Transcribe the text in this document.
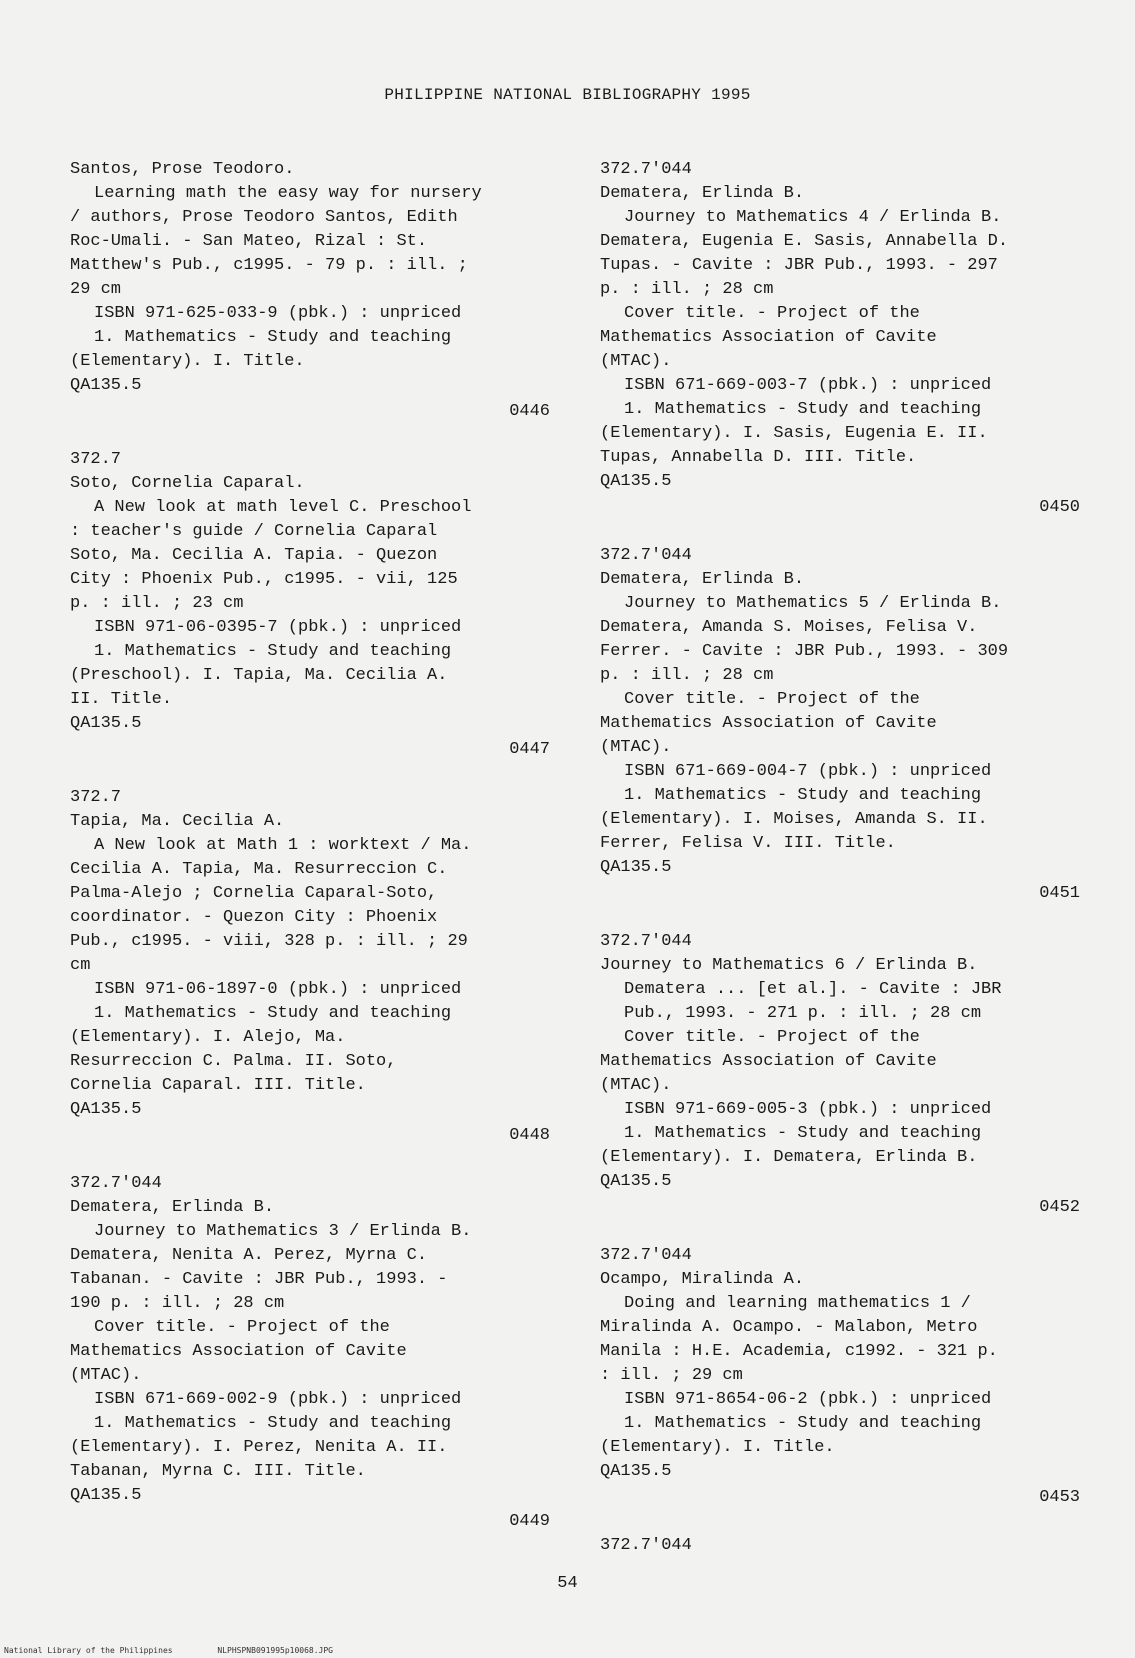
PHILIPPINE NATIONAL BIBLIOGRAPHY 1995
Santos, Prose Teodoro.
Learning math the easy way for nursery
/ authors, Prose Teodoro Santos, Edith
Roc-Umali. - San Mateo, Rizal : St.
Matthew's Pub., c1995. - 79 p. : ill. ;
29 cm
ISBN 971-625-033-9 (pbk.) : unpriced
1. Mathematics - Study and teaching
(Elementary). I. Title.
QA135.5
0446
372.7
Soto, Cornelia Caparal.
A New look at math level C. Preschool
: teacher's guide / Cornelia Caparal
Soto, Ma. Cecilia A. Tapia. - Quezon
City : Phoenix Pub., c1995. - vii, 125
p. : ill. ; 23 cm
ISBN 971-06-0395-7 (pbk.) : unpriced
1. Mathematics - Study and teaching
(Preschool). I. Tapia, Ma. Cecilia A.
II. Title.
QA135.5
0447
372.7
Tapia, Ma. Cecilia A.
A New look at Math 1 : worktext / Ma.
Cecilia A. Tapia, Ma. Resurreccion C.
Palma-Alejo ; Cornelia Caparal-Soto,
coordinator. - Quezon City : Phoenix
Pub., c1995. - viii, 328 p. : ill. ; 29
cm
ISBN 971-06-1897-0 (pbk.) : unpriced
1. Mathematics - Study and teaching
(Elementary). I. Alejo, Ma.
Resurreccion C. Palma. II. Soto,
Cornelia Caparal. III. Title.
QA135.5
0448
372.7'044
Dematera, Erlinda B.
Journey to Mathematics 3 / Erlinda B.
Dematera, Nenita A. Perez, Myrna C.
Tabanan. - Cavite : JBR Pub., 1993. -
190 p. : ill. ; 28 cm
Cover title. - Project of the
Mathematics Association of Cavite
(MTAC).
ISBN 671-669-002-9 (pbk.) : unpriced
1. Mathematics - Study and teaching
(Elementary). I. Perez, Nenita A. II.
Tabanan, Myrna C. III. Title.
QA135.5
0449
372.7'044
Dematera, Erlinda B.
Journey to Mathematics 4 / Erlinda B.
Dematera, Eugenia E. Sasis, Annabella D.
Tupas. - Cavite : JBR Pub., 1993. - 297
p. : ill. ; 28 cm
Cover title. - Project of the
Mathematics Association of Cavite
(MTAC).
ISBN 671-669-003-7 (pbk.) : unpriced
1. Mathematics - Study and teaching
(Elementary). I. Sasis, Eugenia E. II.
Tupas, Annabella D. III. Title.
QA135.5
0450
372.7'044
Dematera, Erlinda B.
Journey to Mathematics 5 / Erlinda B.
Dematera, Amanda S. Moises, Felisa V.
Ferrer. - Cavite : JBR Pub., 1993. - 309
p. : ill. ; 28 cm
Cover title. - Project of the
Mathematics Association of Cavite
(MTAC).
ISBN 671-669-004-7 (pbk.) : unpriced
1. Mathematics - Study and teaching
(Elementary). I. Moises, Amanda S. II.
Ferrer, Felisa V. III. Title.
QA135.5
0451
372.7'044
Journey to Mathematics 6 / Erlinda B.
Dematera ... [et al.]. - Cavite : JBR
Pub., 1993. - 271 p. : ill. ; 28 cm
Cover title. - Project of the
Mathematics Association of Cavite
(MTAC).
ISBN 971-669-005-3 (pbk.) : unpriced
1. Mathematics - Study and teaching
(Elementary). I. Dematera, Erlinda B.
QA135.5
0452
372.7'044
Ocampo, Miralinda A.
Doing and learning mathematics 1 /
Miralinda A. Ocampo. - Malabon, Metro
Manila : H.E. Academia, c1992. - 321 p.
: ill. ; 29 cm
ISBN 971-8654-06-2 (pbk.) : unpriced
1. Mathematics - Study and teaching
(Elementary). I. Title.
QA135.5
0453
372.7'044
54
National Library of the Philippines	NLPHSPNB091995p10068.JPG
